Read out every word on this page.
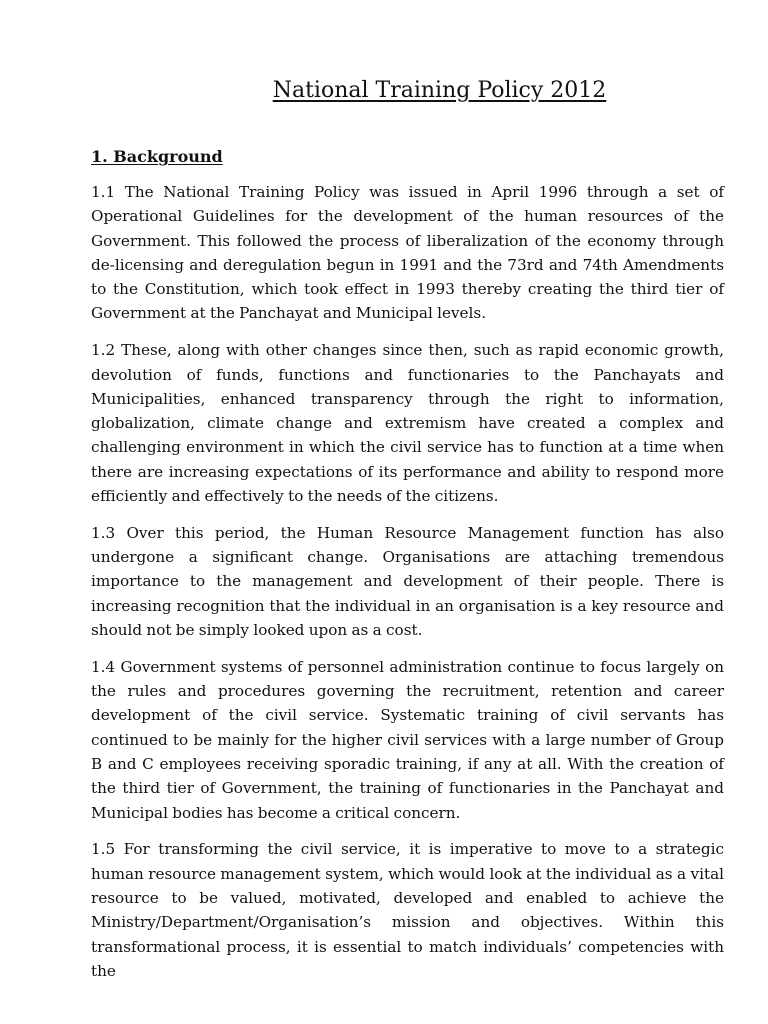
National Training Policy 2012
1. Background

1.1 The National Training Policy was issued in April 1996 through a set of Operational Guidelines for the development of the human resources of the Government. This followed the process of liberalization of the economy through de-licensing and deregulation begun in 1991 and the 73rd and 74th Amendments to the Constitution, which took effect in 1993 thereby creating the third tier of Government at the Panchayat and Municipal levels.

1.2 These, along with other changes since then, such as rapid economic growth, devolution of funds, functions and functionaries to the Panchayats and Municipalities, enhanced transparency through the right to information, globalization, climate change and extremism have created a complex and challenging environment in which the civil service has to function at a time when there are increasing expectations of its performance and ability to respond more efficiently and effectively to the needs of the citizens.

1.3 Over this period, the Human Resource Management function has also undergone a significant change. Organisations are attaching tremendous importance to the management and development of their people. There is increasing recognition that the individual in an organisation is a key resource and should not be simply looked upon as a cost.

1.4 Government systems of personnel administration continue to focus largely on the rules and procedures governing the recruitment, retention and career development of the civil service. Systematic training of civil servants has continued to be mainly for the higher civil services with a large number of Group B and C employees receiving sporadic training, if any at all. With the creation of the third tier of Government, the training of functionaries in the Panchayat and Municipal bodies has become a critical concern.

1.5 For transforming the civil service, it is imperative to move to a strategic human resource management system, which would look at the individual as a vital resource to be valued, motivated, developed and enabled to achieve the Ministry/Department/Organisation’s mission and objectives. Within this transformational process, it is essential to match individuals’ competencies with the
